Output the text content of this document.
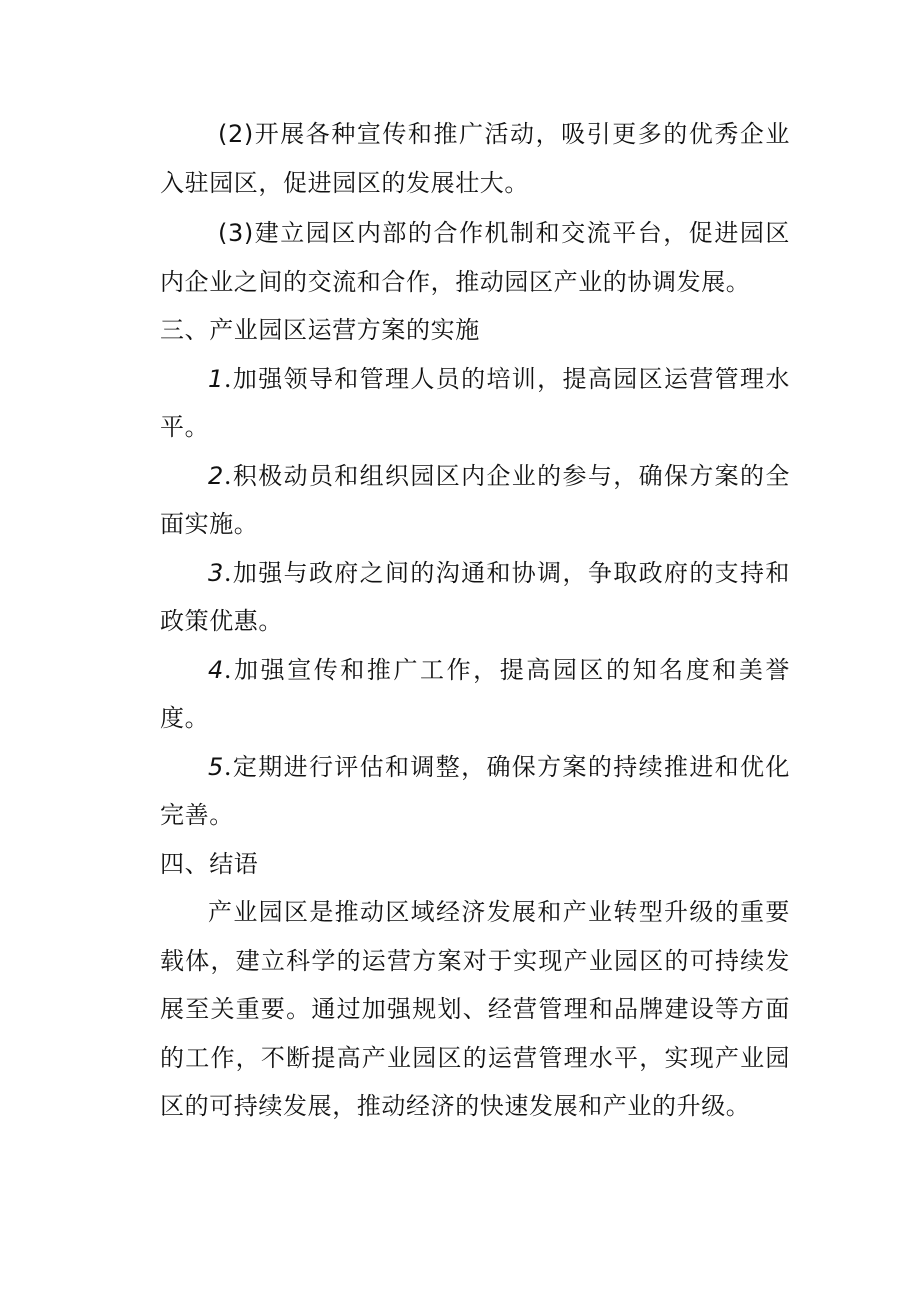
(2)开展各种宣传和推广活动，吸引更多的优秀企业入驻园区，促进园区的发展壮大。

(3)建立园区内部的合作机制和交流平台，促进园区内企业之间的交流和合作，推动园区产业的协调发展。

三、产业园区运营方案的实施

1.加强领导和管理人员的培训，提高园区运营管理水平。

2.积极动员和组织园区内企业的参与，确保方案的全面实施。

3.加强与政府之间的沟通和协调，争取政府的支持和政策优惠。

4.加强宣传和推广工作，提高园区的知名度和美誉度。

5.定期进行评估和调整，确保方案的持续推进和优化完善。

四、结语

产业园区是推动区域经济发展和产业转型升级的重要载体，建立科学的运营方案对于实现产业园区的可持续发展至关重要。通过加强规划、经营管理和品牌建设等方面的工作，不断提高产业园区的运营管理水平，实现产业园区的可持续发展，推动经济的快速发展和产业的升级。
